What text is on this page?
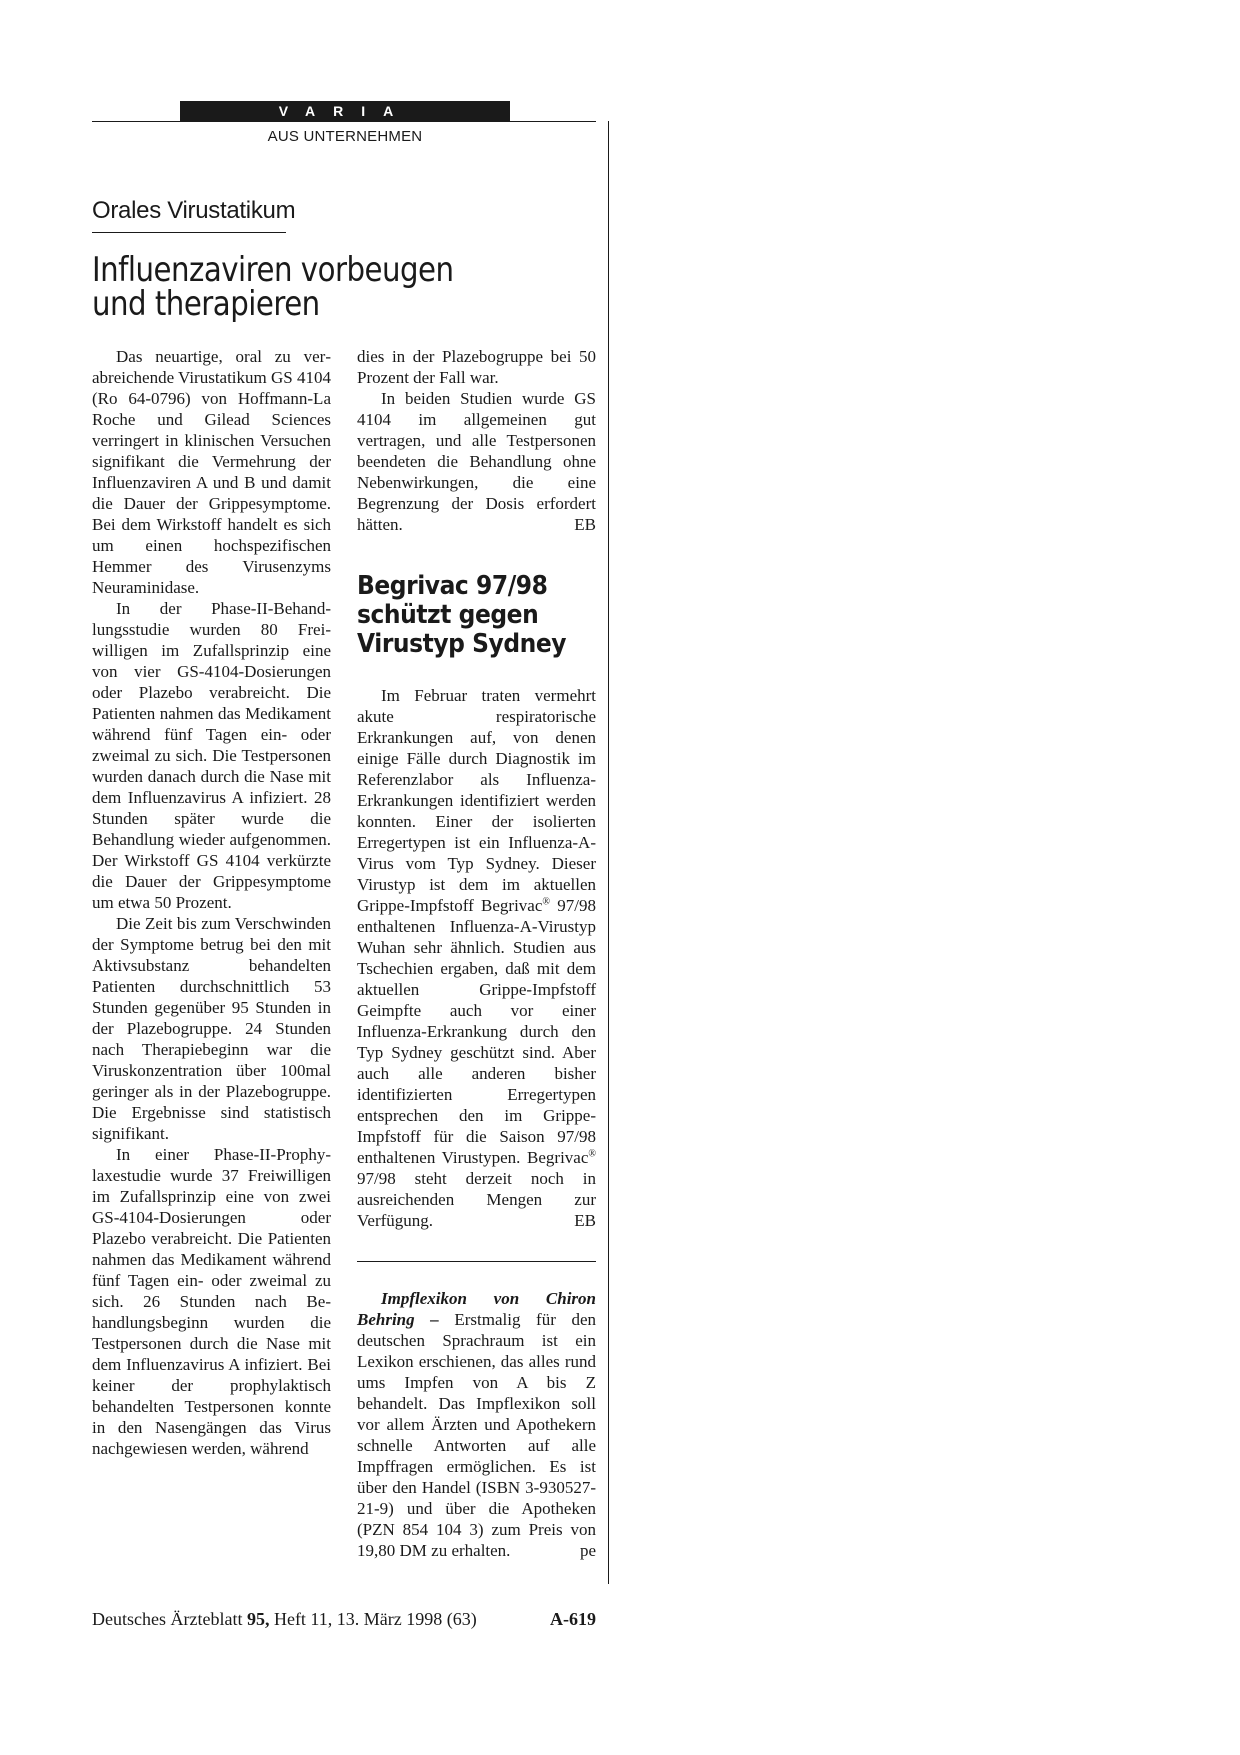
VARIA
AUS UNTERNEHMEN
Orales Virustatikum
Influenzaviren vorbeugen
und therapieren

Das neuartige, oral zu verabreichende Virustatikum GS 4104 (Ro 64-0796) von Hoffmann-La Roche und Gilead Sciences verringert in klinischen Versuchen signifikant die Vermehrung der Influenzaviren A und B und damit die Dauer der Grippesymptome. Bei dem Wirkstoff handelt es sich um einen hochspezifischen Hemmer des Virusenzyms Neuraminidase.

In der Phase-II-Behandlungsstudie wurden 80 Freiwilligen im Zufallsprinzip eine von vier GS-4104-Dosierungen oder Plazebo verabreicht. Die Patienten nahmen das Medikament während fünf Tagen ein- oder zweimal zu sich. Die Testpersonen wurden danach durch die Nase mit dem Influenzavirus A infiziert. 28 Stunden später wurde die Behandlung wieder aufgenommen. Der Wirkstoff GS 4104 verkürzte die Dauer der Grippesymptome um etwa 50 Prozent.

Die Zeit bis zum Verschwinden der Symptome betrug bei den mit Aktivsubstanz behandelten Patienten durchschnittlich 53 Stunden gegenüber 95 Stunden in der Plazebogruppe. 24 Stunden nach Therapiebeginn war die Viruskonzentration über 100mal geringer als in der Plazebogruppe. Die Ergebnisse sind statistisch signifikant.

In einer Phase-II-Prophylaxestudie wurde 37 Freiwilligen im Zufallsprinzip eine von zwei GS-4104-Dosierungen oder Plazebo verabreicht. Die Patienten nahmen das Medikament während fünf Tagen ein- oder zweimal zu sich. 26 Stunden nach Behandlungsbeginn wurden die Testpersonen durch die Nase mit dem Influenzavirus A infiziert. Bei keiner der prophylaktisch behandelten Testpersonen konnte in den Nasengängen das Virus nachgewiesen werden, während

dies in der Plazebogruppe bei 50 Prozent der Fall war.

In beiden Studien wurde GS 4104 im allgemeinen gut vertragen, und alle Testpersonen beendeten die Behandlung ohne Nebenwirkungen, die eine Begrenzung der Dosis erfordert hätten.	EB

Begrivac 97/98
schützt gegen
Virustyp Sydney

Im Februar traten vermehrt akute respiratorische Erkrankungen auf, von denen einige Fälle durch Diagnostik im Referenzlabor als Influenza-Erkrankungen identifiziert werden konnten. Einer der isolierten Erregertypen ist ein Influenza-A-Virus vom Typ Sydney. Dieser Virustyp ist dem im aktuellen Grippe-Impfstoff Begrivac® 97/98 enthaltenen Influenza-A-Virustyp Wuhan sehr ähnlich. Studien aus Tschechien ergaben, daß mit dem aktuellen Grippe-Impfstoff Geimpfte auch vor einer Influenza-Erkrankung durch den Typ Sydney geschützt sind. Aber auch alle anderen bisher identifizierten Erregertypen entsprechen den im Grippe-Impfstoff für die Saison 97/98 enthaltenen Virustypen. Begrivac® 97/98 steht derzeit noch in ausreichenden Mengen zur Verfügung.	EB

Impflexikon von Chiron Behring – Erstmalig für den deutschen Sprachraum ist ein Lexikon erschienen, das alles rund ums Impfen von A bis Z behandelt. Das Impflexikon soll vor allem Ärzten und Apothekern schnelle Antworten auf alle Impffragen ermöglichen. Es ist über den Handel (ISBN 3-930527-21-9) und über die Apotheken (PZN 854 104 3) zum Preis von 19,80 DM zu erhalten.	pe

Deutsches Ärzteblatt 95, Heft 11, 13. März 1998 (63)	A-619
